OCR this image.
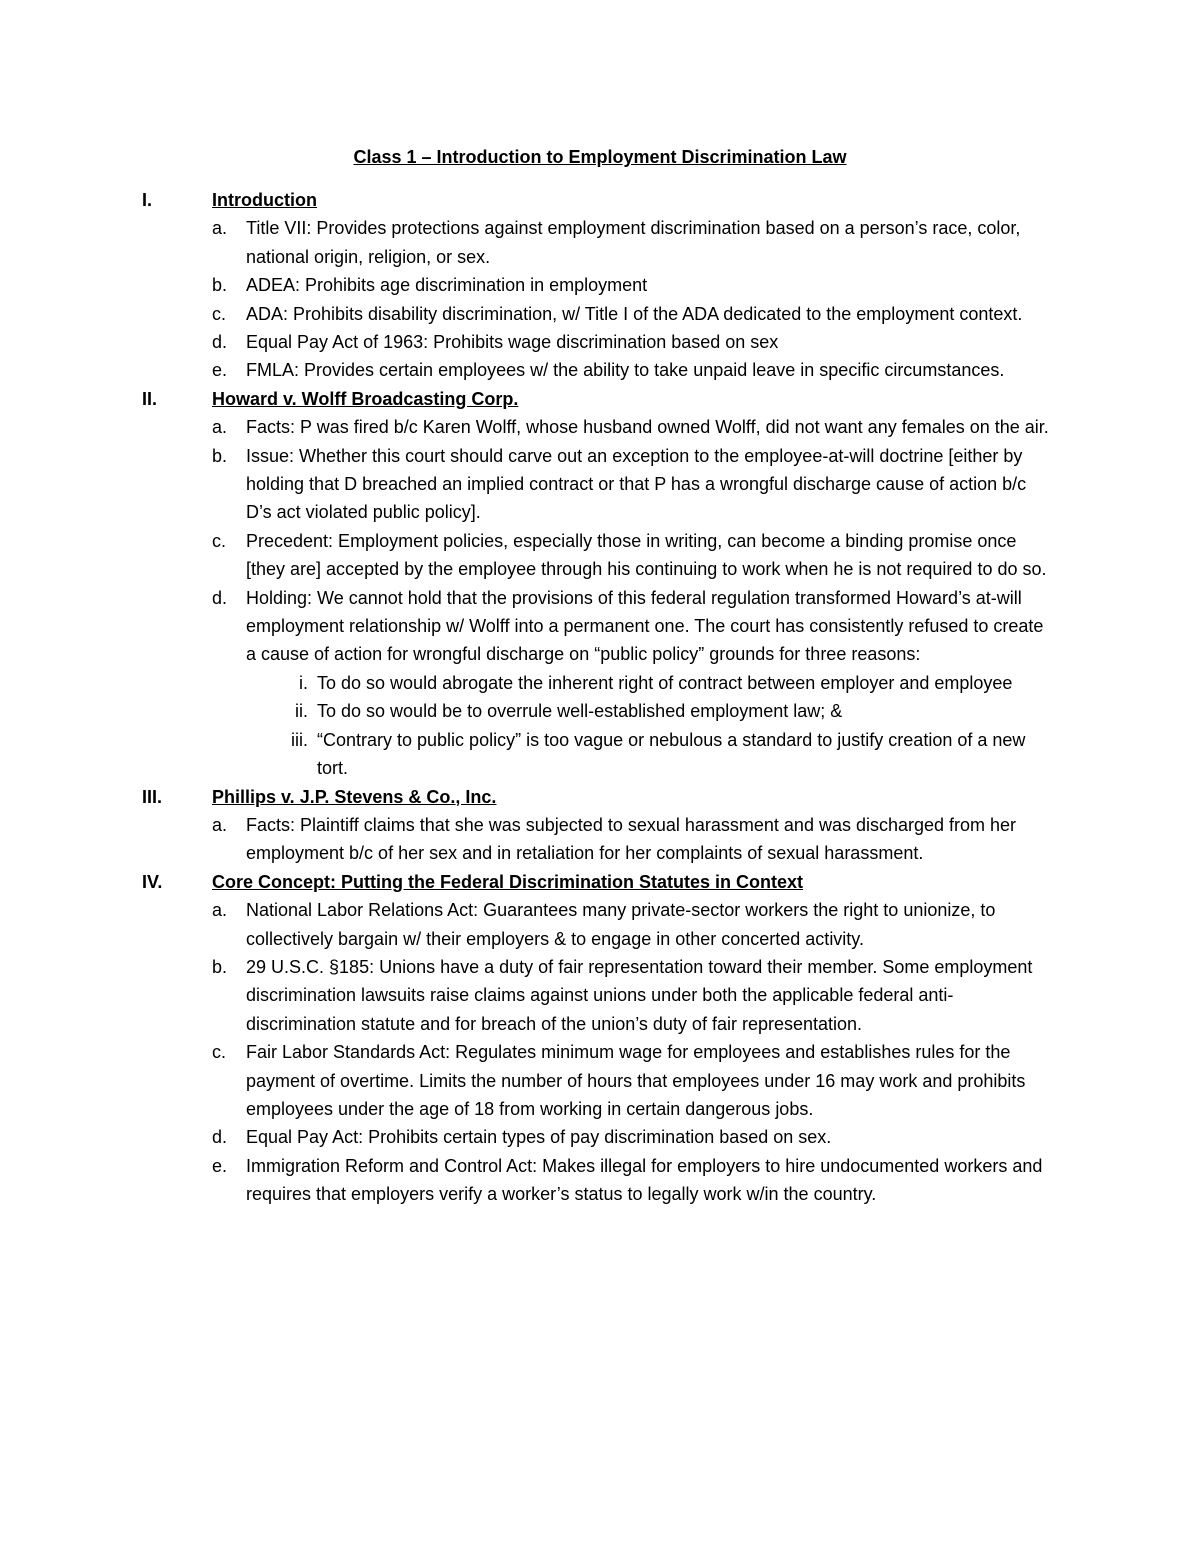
Class 1 – Introduction to Employment Discrimination Law
I.	Introduction
a. Title VII: Provides protections against employment discrimination based on a person’s race, color, national origin, religion, or sex.
b. ADEA: Prohibits age discrimination in employment
c. ADA: Prohibits disability discrimination, w/ Title I of the ADA dedicated to the employment context.
d. Equal Pay Act of 1963: Prohibits wage discrimination based on sex
e. FMLA: Provides certain employees w/ the ability to take unpaid leave in specific circumstances.
II.	Howard v. Wolff Broadcasting Corp.
a. Facts: P was fired b/c Karen Wolff, whose husband owned Wolff, did not want any females on the air.
b. Issue: Whether this court should carve out an exception to the employee-at-will doctrine [either by holding that D breached an implied contract or that P has a wrongful discharge cause of action b/c D’s act violated public policy].
c. Precedent: Employment policies, especially those in writing, can become a binding promise once [they are] accepted by the employee through his continuing to work when he is not required to do so.
d. Holding: We cannot hold that the provisions of this federal regulation transformed Howard’s at-will employment relationship w/ Wolff into a permanent one. The court has consistently refused to create a cause of action for wrongful discharge on “public policy” grounds for three reasons:
i. To do so would abrogate the inherent right of contract between employer and employee
ii. To do so would be to overrule well-established employment law; &
iii. “Contrary to public policy” is too vague or nebulous a standard to justify creation of a new tort.
III.	Phillips v. J.P. Stevens & Co., Inc.
a. Facts: Plaintiff claims that she was subjected to sexual harassment and was discharged from her employment b/c of her sex and in retaliation for her complaints of sexual harassment.
IV.	Core Concept: Putting the Federal Discrimination Statutes in Context
a. National Labor Relations Act: Guarantees many private-sector workers the right to unionize, to collectively bargain w/ their employers & to engage in other concerted activity.
b. 29 U.S.C. §185: Unions have a duty of fair representation toward their member. Some employment discrimination lawsuits raise claims against unions under both the applicable federal anti-discrimination statute and for breach of the union’s duty of fair representation.
c. Fair Labor Standards Act: Regulates minimum wage for employees and establishes rules for the payment of overtime. Limits the number of hours that employees under 16 may work and prohibits employees under the age of 18 from working in certain dangerous jobs.
d. Equal Pay Act: Prohibits certain types of pay discrimination based on sex.
e. Immigration Reform and Control Act: Makes illegal for employers to hire undocumented workers and requires that employers verify a worker’s status to legally work w/in the country.
